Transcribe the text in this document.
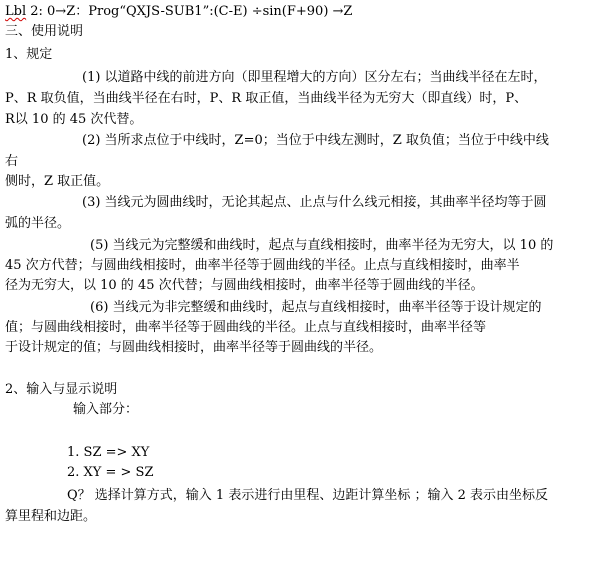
Lbl 2: 0→Z：Prog“QXJS-SUB1”:(C-E) ÷sin(F+90) →Z
三、使用说明
1、规定
(1) 以道路中线的前进方向（即里程增大的方向）区分左右；当曲线半径在左时，
P、R 取负值，当曲线半径在右时，P、R 取正值，当曲线半径为无穷大（即直线）时，P、
R以 10 的 45 次代替。
(2) 当所求点位于中线时，Z=0；当位于中线左测时，Z 取负值；当位于中线中线
右
侧时，Z 取正值。
(3) 当线元为圆曲线时，无论其起点、止点与什么线元相接，其曲率半径均等于圆
弧的半径。
(5) 当线元为完整缓和曲线时，起点与直线相接时，曲率半径为无穷大，以 10 的
45 次方代替；与圆曲线相接时，曲率半径等于圆曲线的半径。止点与直线相接时，曲率半
径为无穷大，以 10 的 45 次代替；与圆曲线相接时，曲率半径等于圆曲线的半径。
(6) 当线元为非完整缓和曲线时，起点与直线相接时，曲率半径等于设计规定的
值；与圆曲线相接时，曲率半径等于圆曲线的半径。止点与直线相接时，曲率半径等
于设计规定的值；与圆曲线相接时，曲率半径等于圆曲线的半径。
2、输入与显示说明
输入部分：
1. SZ => XY
2. XY = > SZ
Q？ 选择计算方式，输入 1 表示进行由里程、边距计算坐标 ；输入 2 表示由坐标反
算里程和边距。
